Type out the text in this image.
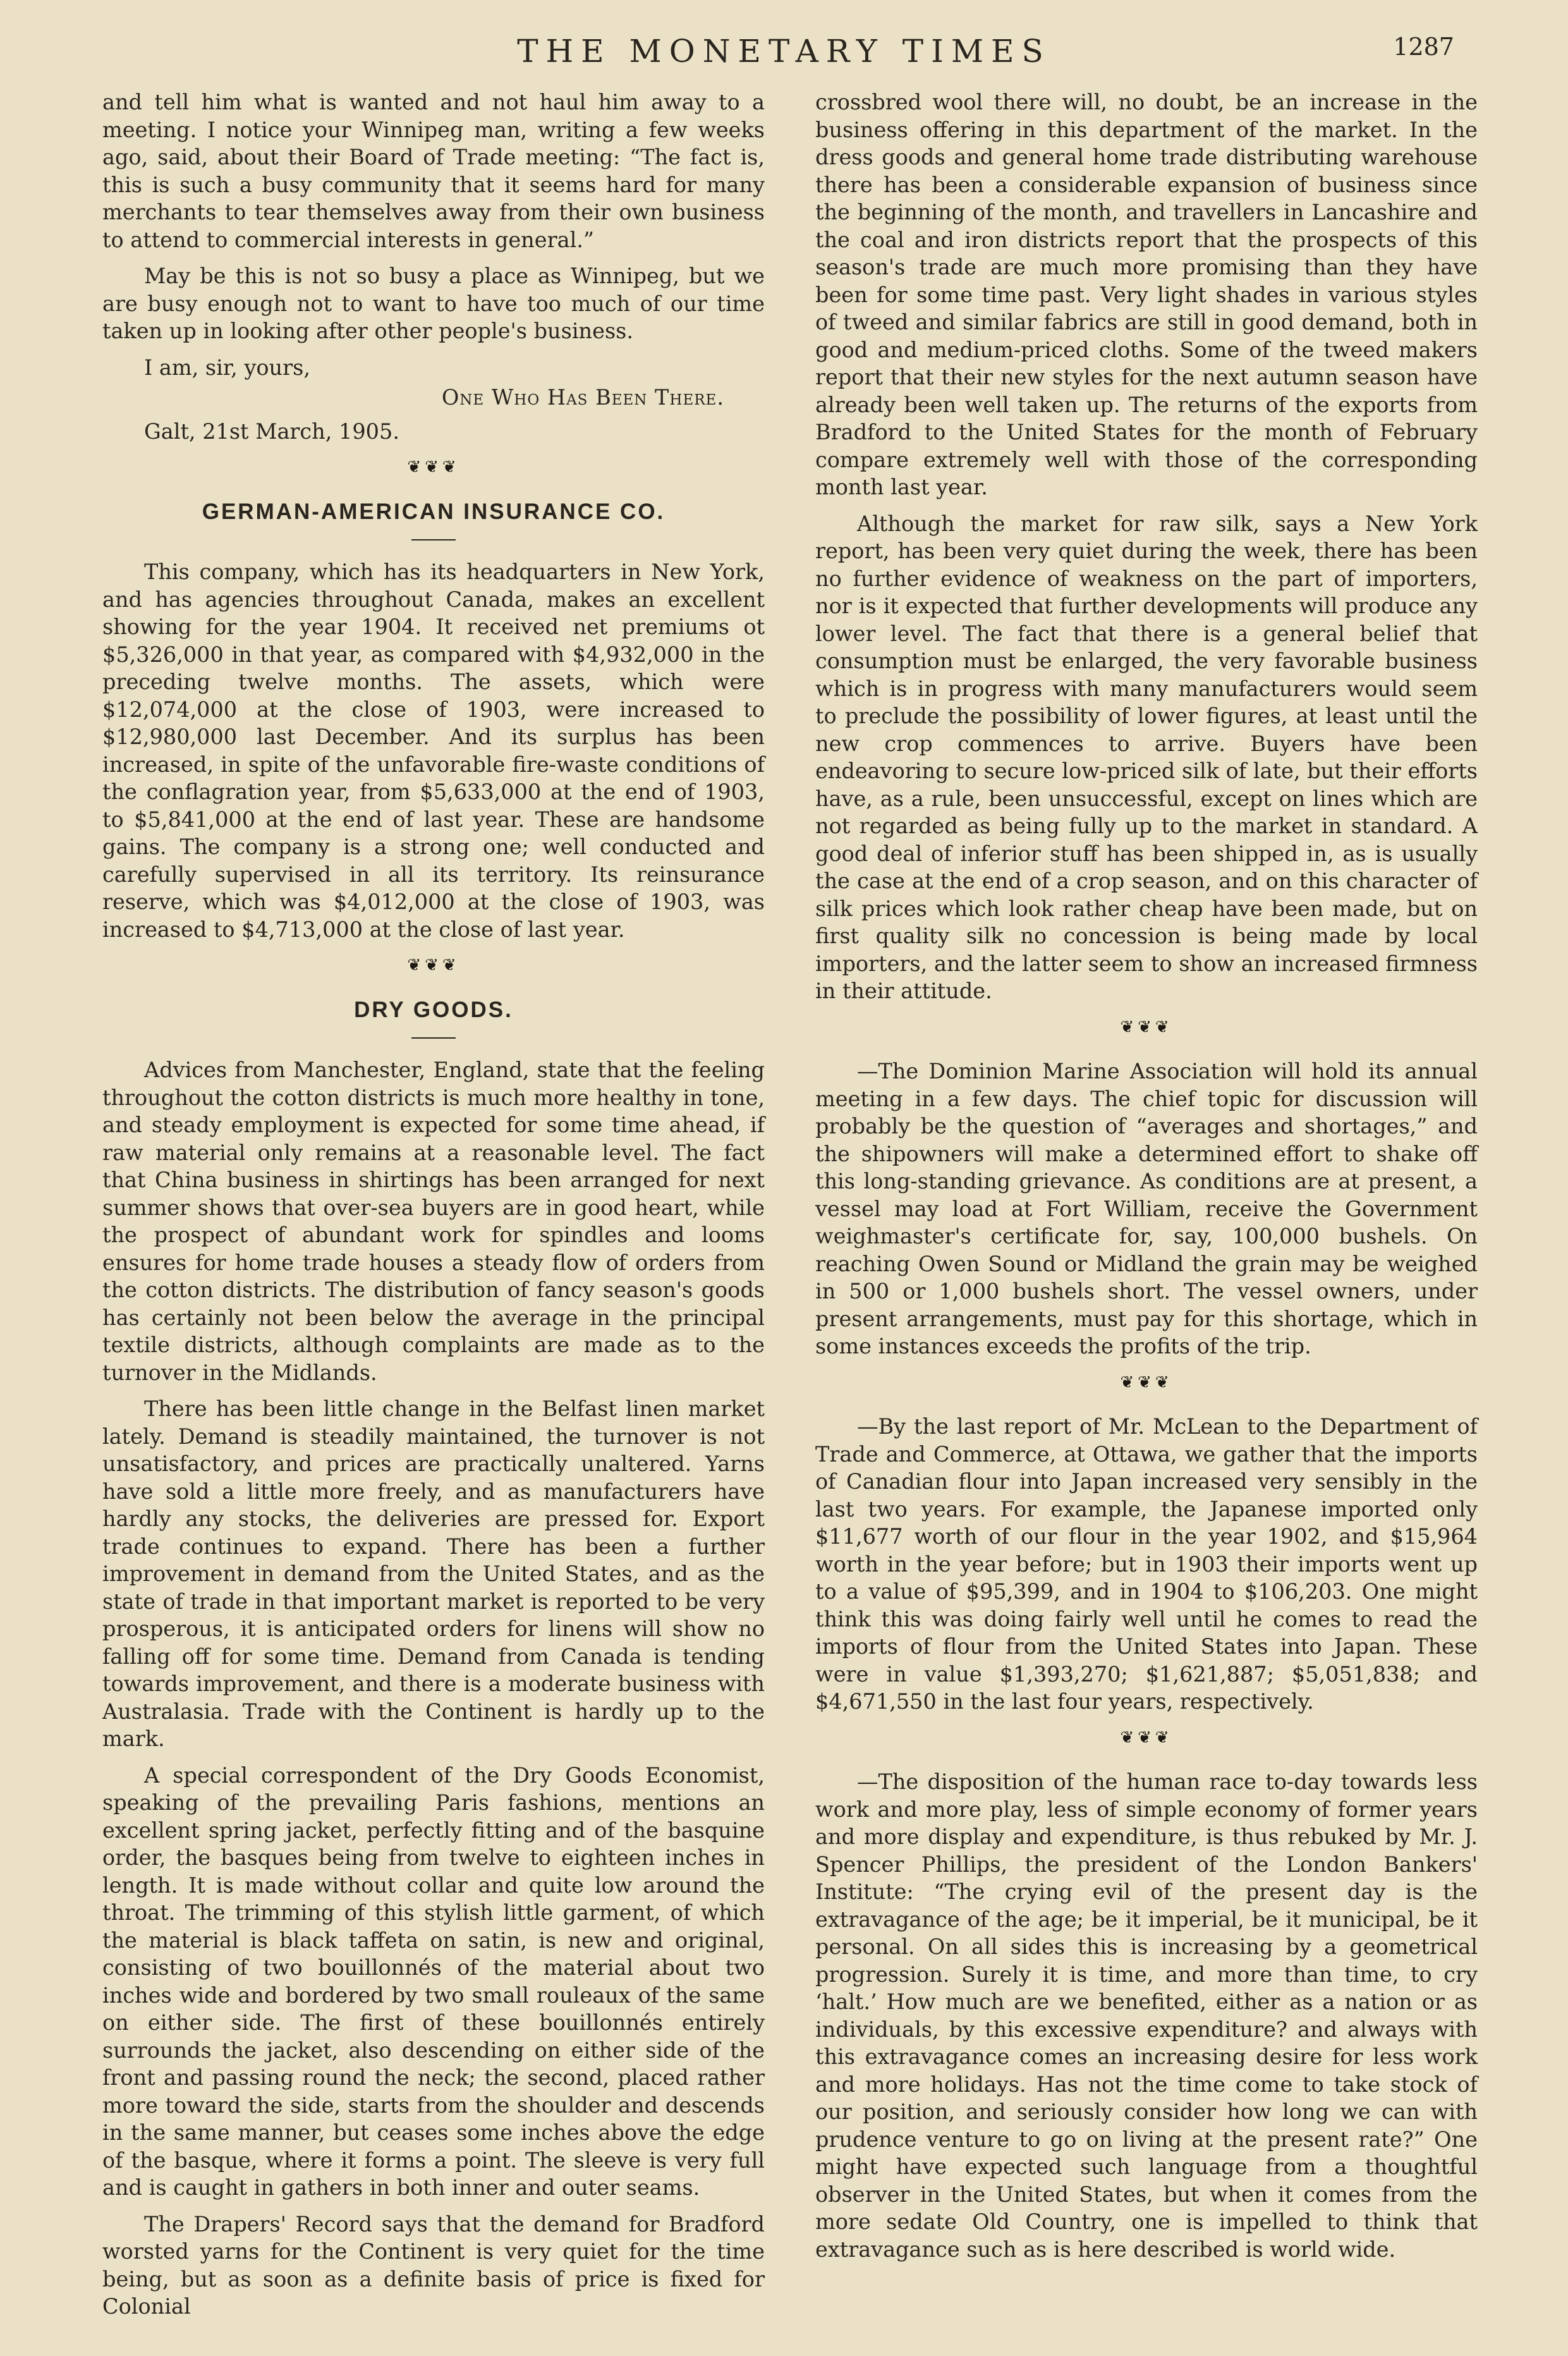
THE MONETARY TIMES	1287

and tell him what is wanted and not haul him away to a meeting. I notice your Winnipeg man, writing a few weeks ago, said, about their Board of Trade meeting: “The fact is, this is such a busy community that it seems hard for many merchants to tear themselves away from their own business to attend to commercial interests in general.”

May be this is not so busy a place as Winnipeg, but we are busy enough not to want to have too much of our time taken up in looking after other people's business.

I am, sir, yours,

One Who Has Been There.

Galt, 21st March, 1905.

❦❦❦
GERMAN-AMERICAN INSURANCE CO.

This company, which has its headquarters in New York, and has agencies throughout Canada, makes an excellent showing for the year 1904. It received net premiums ot $5,326,000 in that year, as compared with $4,932,000 in the preceding twelve months. The assets, which were $12,074,000 at the close of 1903, were increased to $12,980,000 last December. And its surplus has been increased, in spite of the unfavorable fire-waste conditions of the conflagration year, from $5,633,000 at the end of 1903, to $5,841,000 at the end of last year. These are handsome gains. The company is a strong one; well conducted and carefully supervised in all its territory. Its reinsurance reserve, which was $4,012,000 at the close of 1903, was increased to $4,713,000 at the close of last year.

❦❦❦
DRY GOODS.

Advices from Manchester, England, state that the feeling throughout the cotton districts is much more healthy in tone, and steady employment is expected for some time ahead, if raw material only remains at a reasonable level. The fact that China business in shirtings has been arranged for next summer shows that over-sea buyers are in good heart, while the prospect of abundant work for spindles and looms ensures for home trade houses a steady flow of orders from the cotton districts. The distribution of fancy season's goods has certainly not been below the average in the principal textile districts, although complaints are made as to the turnover in the Midlands.

There has been little change in the Belfast linen market lately. Demand is steadily maintained, the turnover is not unsatisfactory, and prices are practically unaltered. Yarns have sold a little more freely, and as manufacturers have hardly any stocks, the deliveries are pressed for. Export trade continues to expand. There has been a further improvement in demand from the United States, and as the state of trade in that important market is reported to be very prosperous, it is anticipated orders for linens will show no falling off for some time. Demand from Canada is tending towards improvement, and there is a moderate business with Australasia. Trade with the Continent is hardly up to the mark.

A special correspondent of the Dry Goods Economist, speaking of the prevailing Paris fashions, mentions an excellent spring jacket, perfectly fitting and of the basquine order, the basques being from twelve to eighteen inches in length. It is made without collar and quite low around the throat. The trimming of this stylish little garment, of which the material is black taffeta on satin, is new and original, consisting of two bouillonnés of the material about two inches wide and bordered by two small rouleaux of the same on either side. The first of these bouillonnés entirely surrounds the jacket, also descending on either side of the front and passing round the neck; the second, placed rather more toward the side, starts from the shoulder and descends in the same manner, but ceases some inches above the edge of the basque, where it forms a point. The sleeve is very full and is caught in gathers in both inner and outer seams.

The Drapers' Record says that the demand for Bradford worsted yarns for the Continent is very quiet for the time being, but as soon as a definite basis of price is fixed for Colonial

crossbred wool there will, no doubt, be an increase in the business offering in this department of the market. In the dress goods and general home trade distributing warehouse there has been a considerable expansion of business since the beginning of the month, and travellers in Lancashire and the coal and iron districts report that the prospects of this season's trade are much more promising than they have been for some time past. Very light shades in various styles of tweed and similar fabrics are still in good demand, both in good and medium-priced cloths. Some of the tweed makers report that their new styles for the next autumn season have already been well taken up. The returns of the exports from Bradford to the United States for the month of February compare extremely well with those of the corresponding month last year.

Although the market for raw silk, says a New York report, has been very quiet during the week, there has been no further evidence of weakness on the part of importers, nor is it expected that further developments will produce any lower level. The fact that there is a general belief that consumption must be enlarged, the very favorable business which is in progress with many manufacturers would seem to preclude the possibility of lower figures, at least until the new crop commences to arrive. Buyers have been endeavoring to secure low-priced silk of late, but their efforts have, as a rule, been unsuccessful, except on lines which are not regarded as being fully up to the market in standard. A good deal of inferior stuff has been shipped in, as is usually the case at the end of a crop season, and on this character of silk prices which look rather cheap have been made, but on first quality silk no concession is being made by local importers, and the latter seem to show an increased firmness in their attitude.

❦❦❦

—The Dominion Marine Association will hold its annual meeting in a few days. The chief topic for discussion will probably be the question of “averages and shortages,” and the shipowners will make a determined effort to shake off this long-standing grievance. As conditions are at present, a vessel may load at Fort William, receive the Government weighmaster's certificate for, say, 100,000 bushels. On reaching Owen Sound or Midland the grain may be weighed in 500 or 1,000 bushels short. The vessel owners, under present arrangements, must pay for this shortage, which in some instances exceeds the profits of the trip.

❦❦❦

—By the last report of Mr. McLean to the Department of Trade and Commerce, at Ottawa, we gather that the imports of Canadian flour into Japan increased very sensibly in the last two years. For example, the Japanese imported only $11,677 worth of our flour in the year 1902, and $15,964 worth in the year before; but in 1903 their imports went up to a value of $95,399, and in 1904 to $106,203. One might think this was doing fairly well until he comes to read the imports of flour from the United States into Japan. These were in value $1,393,270; $1,621,887; $5,051,838; and $4,671,550 in the last four years, respectively.

❦❦❦

—The disposition of the human race to-day towards less work and more play, less of simple economy of former years and more display and expenditure, is thus rebuked by Mr. J. Spencer Phillips, the president of the London Bankers' Institute: “The crying evil of the present day is the extravagance of the age; be it imperial, be it municipal, be it personal. On all sides this is increasing by a geometrical progression. Surely it is time, and more than time, to cry ‘halt.’ How much are we benefited, either as a nation or as individuals, by this excessive expenditure? and always with this extravagance comes an increasing desire for less work and more holidays. Has not the time come to take stock of our position, and seriously consider how long we can with prudence venture to go on living at the present rate?” One might have expected such language from a thoughtful observer in the United States, but when it comes from the more sedate Old Country, one is impelled to think that extravagance such as is here described is world wide.
